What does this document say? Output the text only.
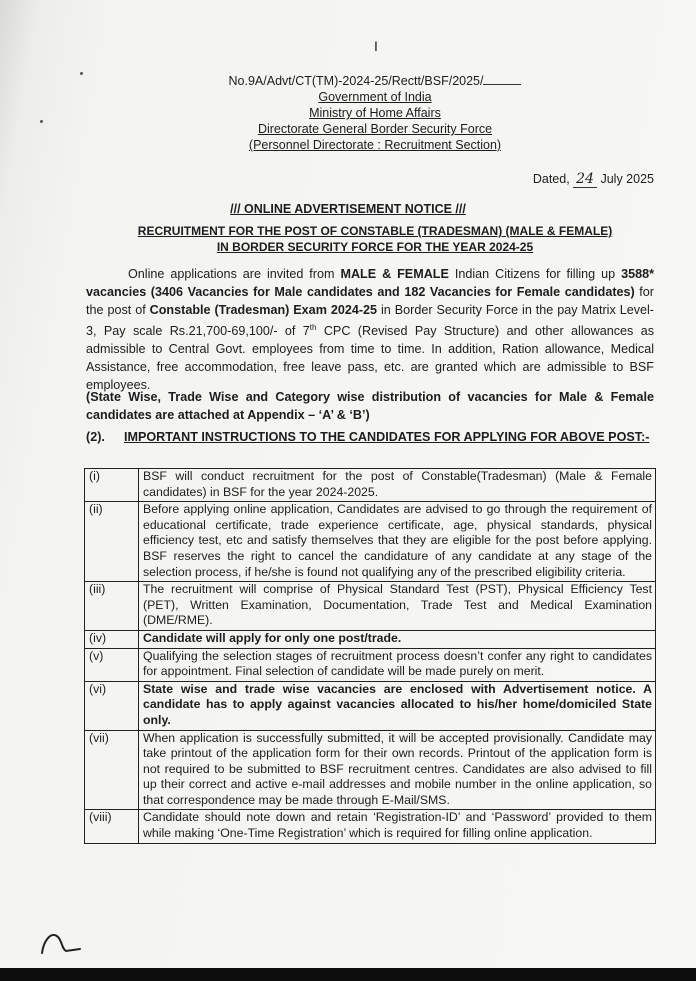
I
No.9A/Advt/CT(TM)-2024-25/Rectt/BSF/2025/
Government of India
Ministry of Home Affairs
Directorate General Border Security Force
(Personnel Directorate : Recruitment Section)
Dated, 24 July 2025
/// ONLINE ADVERTISEMENT NOTICE ///
RECRUITMENT FOR THE POST OF CONSTABLE (TRADESMAN) (MALE & FEMALE)
IN BORDER SECURITY FORCE FOR THE YEAR 2024-25
Online applications are invited from MALE & FEMALE Indian Citizens for filling up 3588* vacancies (3406 Vacancies for Male candidates and 182 Vacancies for Female candidates) for the post of Constable (Tradesman) Exam 2024-25 in Border Security Force in the pay Matrix Level-3, Pay scale Rs.21,700-69,100/- of 7th CPC (Revised Pay Structure) and other allowances as admissible to Central Govt. employees from time to time. In addition, Ration allowance, Medical Assistance, free accommodation, free leave pass, etc. are granted which are admissible to BSF employees.
(State Wise, Trade Wise and Category wise distribution of vacancies for Male & Female candidates are attached at Appendix – ‘A’ & ‘B’)
(2). IMPORTANT INSTRUCTIONS TO THE CANDIDATES FOR APPLYING FOR ABOVE POST:-
(i)	BSF will conduct recruitment for the post of Constable(Tradesman) (Male & Female candidates) in BSF for the year 2024-2025.
(ii)	Before applying online application, Candidates are advised to go through the requirement of educational certificate, trade experience certificate, age, physical standards, physical efficiency test, etc and satisfy themselves that they are eligible for the post before applying. BSF reserves the right to cancel the candidature of any candidate at any stage of the selection process, if he/she is found not qualifying any of the prescribed eligibility criteria.
(iii)	The recruitment will comprise of Physical Standard Test (PST), Physical Efficiency Test (PET), Written Examination, Documentation, Trade Test and Medical Examination (DME/RME).
(iv)	Candidate will apply for only one post/trade.
(v)	Qualifying the selection stages of recruitment process doesn’t confer any right to candidates for appointment. Final selection of candidate will be made purely on merit.
(vi)	State wise and trade wise vacancies are enclosed with Advertisement notice. A candidate has to apply against vacancies allocated to his/her home/domiciled State only.
(vii)	When application is successfully submitted, it will be accepted provisionally. Candidate may take printout of the application form for their own records. Printout of the application form is not required to be submitted to BSF recruitment centres. Candidates are also advised to fill up their correct and active e-mail addresses and mobile number in the online application, so that correspondence may be made through E-Mail/SMS.
(viii)	Candidate should note down and retain ‘Registration-ID’ and ‘Password’ provided to them while making ‘One-Time Registration’ which is required for filling online application.
